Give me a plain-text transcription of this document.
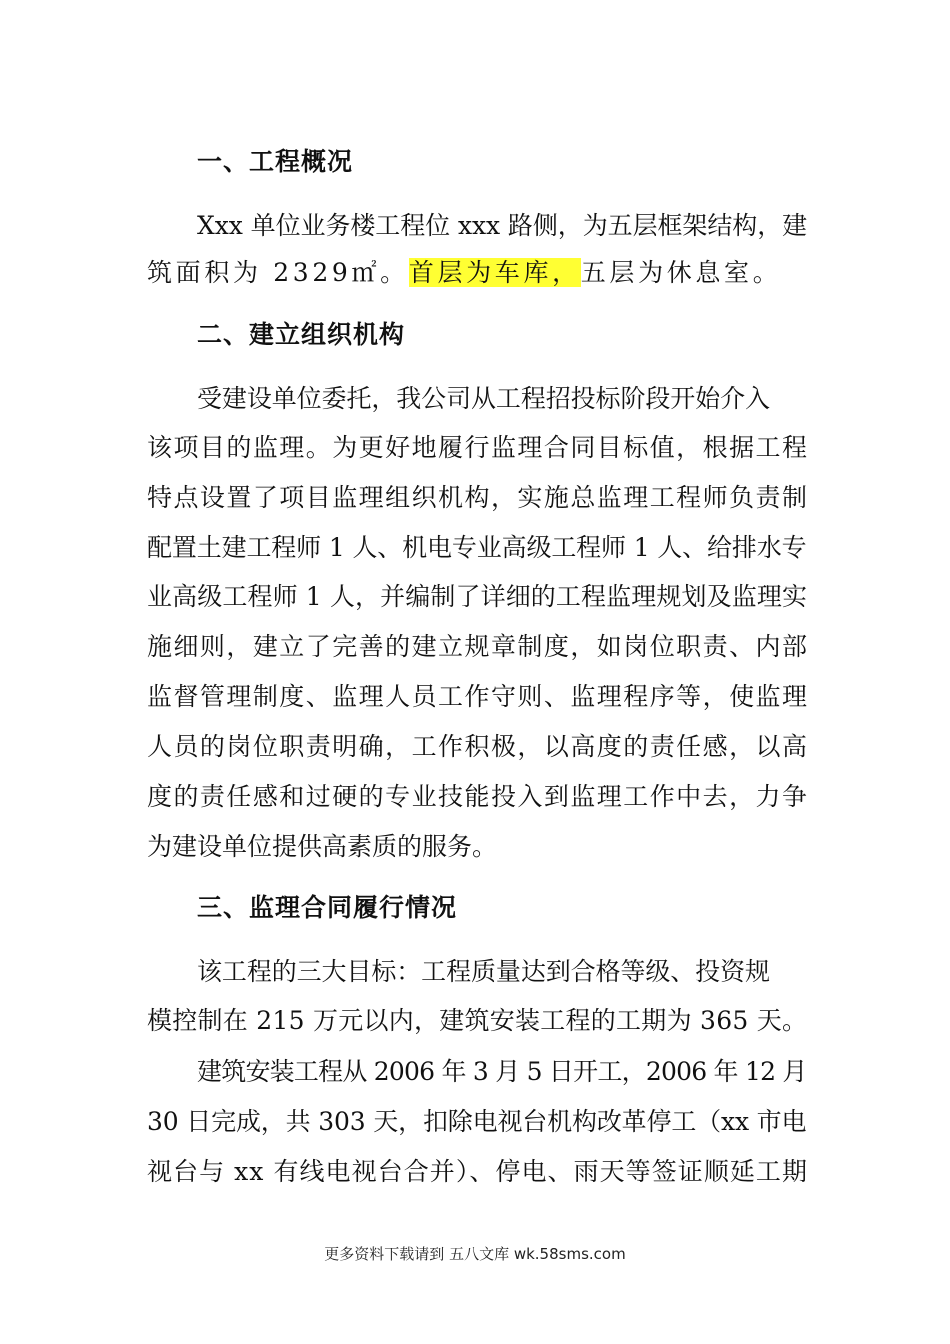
一、工程概况
Xxx 单位业务楼工程位 xxx 路侧，为五层框架结构，建
筑面积为 2329㎡。首层为车库，五层为休息室。
二、建立组织机构
受建设单位委托，我公司从工程招投标阶段开始介入
该项目的监理。为更好地履行监理合同目标值，根据工程
特点设置了项目监理组织机构，实施总监理工程师负责制
配置土建工程师 1 人、机电专业高级工程师 1 人、给排水专
业高级工程师 1 人，并编制了详细的工程监理规划及监理实
施细则，建立了完善的建立规章制度，如岗位职责、内部
监督管理制度、监理人员工作守则、监理程序等，使监理
人员的岗位职责明确，工作积极，以高度的责任感，以高
度的责任感和过硬的专业技能投入到监理工作中去，力争
为建设单位提供高素质的服务。
三、监理合同履行情况
该工程的三大目标：工程质量达到合格等级、投资规
模控制在 215 万元以内，建筑安装工程的工期为 365 天。
建筑安装工程从 2006 年 3 月 5 日开工，2006 年 12 月
30 日完成，共 303 天，扣除电视台机构改革停工（xx 市电
视台与 xx 有线电视台合并）、停电、雨天等签证顺延工期
更多资料下载请到 五八文库 wk.58sms.com
